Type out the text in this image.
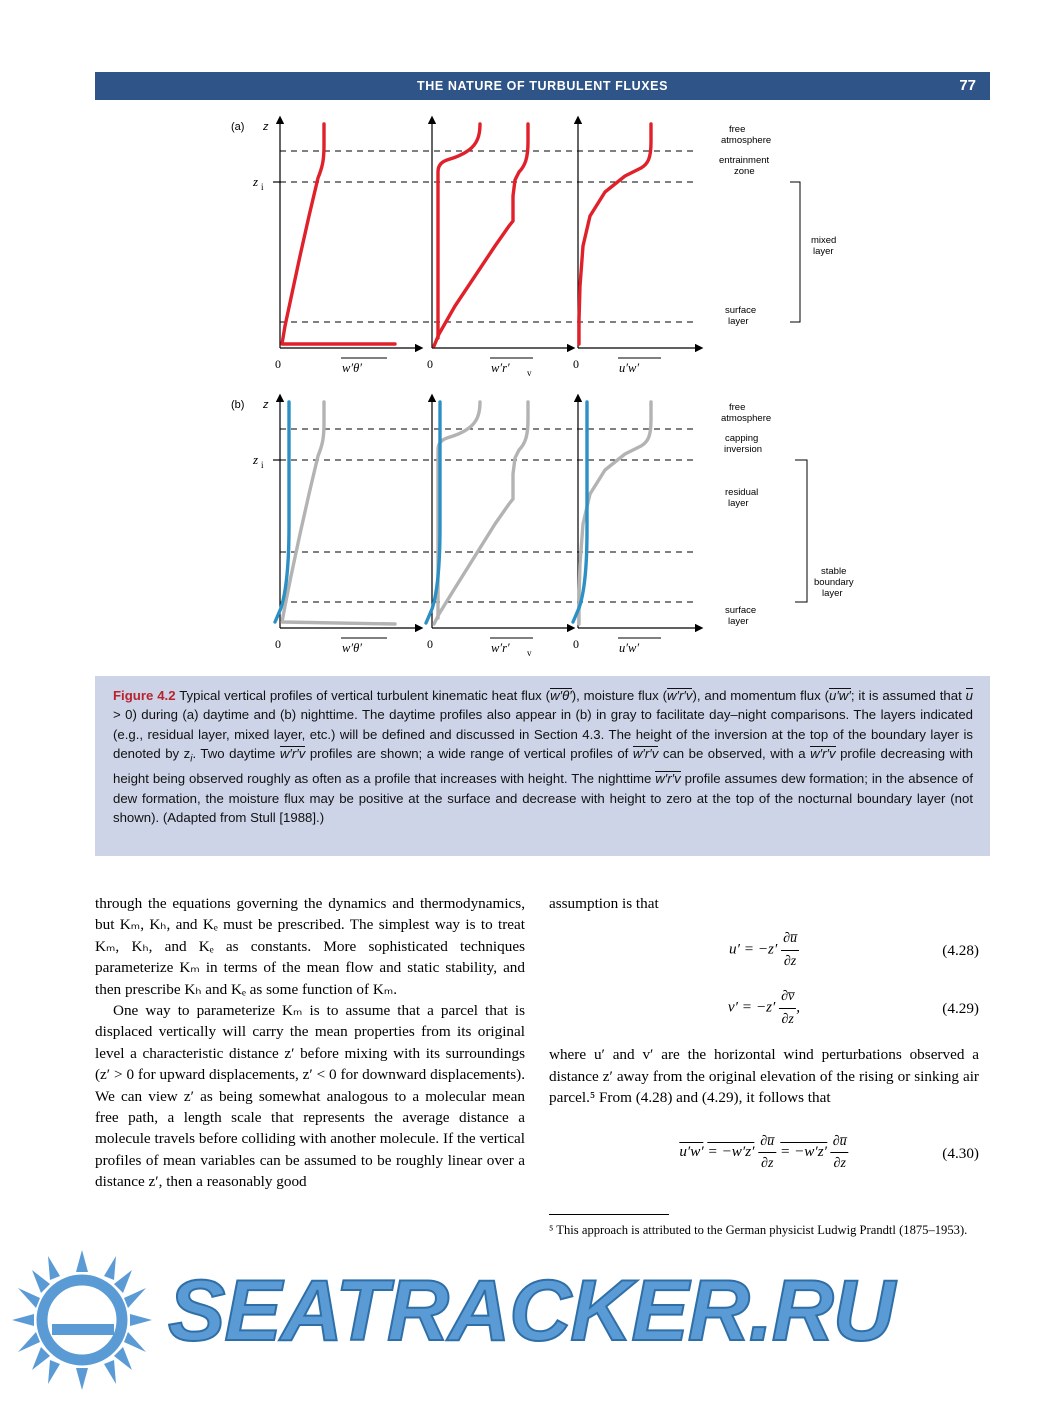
THE NATURE OF TURBULENT FLUXES	77
(a) z
z i
0	w′θ′	0	w′r′ v
0	u′w′
free
atmosphere
entrainment
zone
mixed
layer
surface
layer
(b) z
z i
0	w′θ′	0	w′r′ v
0	u′w′
free
atmosphere
capping
inversion
residual
layer
stable
boundary
layer
surface
layer
Figure 4.2 Typical vertical profiles of vertical turbulent kinematic heat flux (w′θ′), moisture flux (w′r′v), and momentum flux (u′w′; it is assumed that u> 0) during (a) daytime and (b) nighttime. The daytime profiles also appear in (b) in gray to facilitate day–night comparisons. The layers indicated (e.g., residual layer, mixed layer, etc.) will be defined and discussed in Section 4.3. The height of the inversion at the top of the boundary layer is denoted by $z_i$. Two daytime w′r′v profiles are shown; a wide range of vertical profiles of w′r′v can be observed, with a w′r′v profile decreasing with height being observed roughly as often as a profile that increases with height. The nighttime w′r′v profile assumes dew formation; in the absence of dew formation, the moisture flux may be positive at the surface and decrease with height to zero at the top of the nocturnal boundary layer (not shown). (Adapted from Stull [1988].)

through the equations governing the dynamics and thermodynamics, but Kₘ, Kₕ, and Kₑ must be prescribed. The simplest way is to treat Kₘ, Kₕ, and Kₑ as constants. More sophisticated techniques parameterize Kₘ in terms of the mean flow and static stability, and then prescribe Kₕ and Kₑ as some function of Kₘ.

One way to parameterize Kₘ is to assume that a parcel that is displaced vertically will carry the mean properties from its original level a characteristic distance z′ before mixing with its surroundings (z′ > 0 for upward displacements, z′ < 0 for downward displacements). We can view z′ as being somewhat analogous to a molecular mean free path, a length scale that represents the average distance a molecule travels before colliding with another molecule. If the vertical profiles of mean variables can be assumed to be roughly linear over a distance z′, then a reasonably good

assumption is that

$u' = -z' \frac{\partial u̅}{\partial z}$	(4.28)
$v' = -z' \frac{\partial v̅}{\partial z}$ ,	(4.29)

where u′ and v′ are the horizontal wind perturbations observed a distance z′ away from the original elevation of the rising or sinking air parcel.⁵ From (4.28) and (4.29), it follows that

$u'w' = -w'z' \frac{\partial u̅}{\partial z} = -w'z' \frac{\partial u̅}{\partial z}$	(4.30)
⁵ This approach is attributed to the German physicist Ludwig Prandtl (1875–1953).
SEATRACKER.RU
